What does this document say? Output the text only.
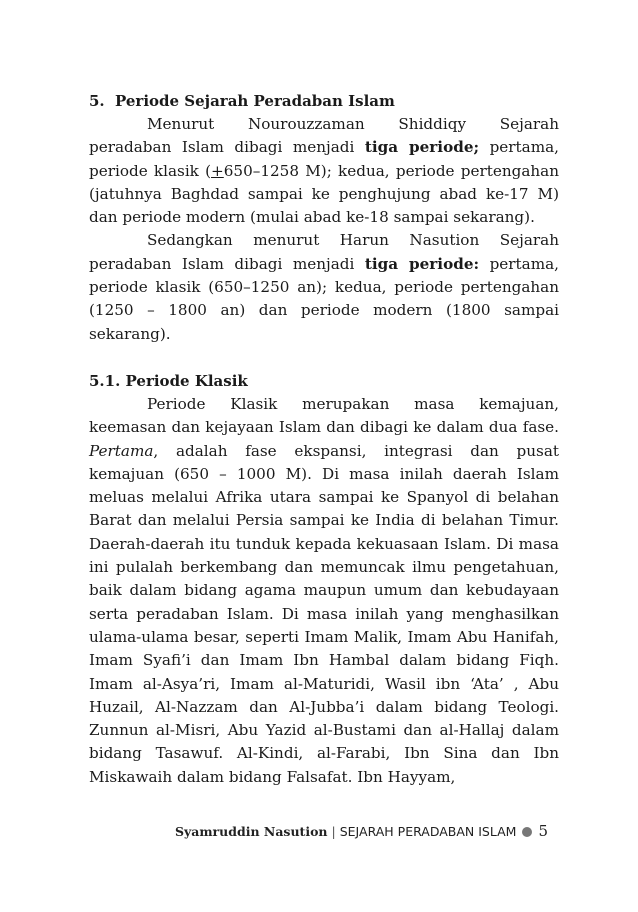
5. Periode Sejarah Peradaban Islam

Menurut Nourouzzaman Shiddiqy Sejarah peradaban Islam dibagi menjadi tiga periode; pertama, periode klasik (+650–1258 M); kedua, periode pertengahan (jatuhnya Baghdad sampai ke penghujung abad ke-17 M) dan periode modern (mulai abad ke-18 sampai sekarang).

Sedangkan menurut Harun Nasution Sejarah peradaban Islam dibagi menjadi tiga periode: pertama, periode klasik (650–1250 an); kedua, periode pertengahan (1250 – 1800 an) dan periode modern (1800 sampai sekarang).

5.1. Periode Klasik

Periode Klasik merupakan masa kemajuan, keemasan dan kejayaan Islam dan dibagi ke dalam dua fase. Pertama, adalah fase ekspansi, integrasi dan pusat kemajuan (650 – 1000 M). Di masa inilah daerah Islam meluas melalui Afrika utara sampai ke Spanyol di belahan Barat dan melalui Persia sampai ke India di belahan Timur. Daerah-daerah itu tunduk kepada kekuasaan Islam. Di masa ini pulalah berkembang dan memuncak ilmu pengetahuan, baik dalam bidang agama maupun umum dan kebudayaan serta peradaban Islam. Di masa inilah yang menghasilkan ulama-ulama besar, seperti Imam Malik, Imam Abu Hanifah, Imam Syafi’i dan Imam Ibn Hambal dalam bidang Fiqh. Imam al-Asya’ri, Imam al-Maturidi, Wasil ibn ‘Ata’ , Abu Huzail, Al-Nazzam dan Al-Jubba’i dalam bidang Teologi. Zunnun al-Misri, Abu Yazid al-Bustami dan al-Hallaj dalam bidang Tasawuf. Al-Kindi, al-Farabi, Ibn Sina dan Ibn Miskawaih dalam bidang Falsafat. Ibn Hayyam,

Syamruddin Nasution | SEJARAH PERADABAN ISLAM 5
